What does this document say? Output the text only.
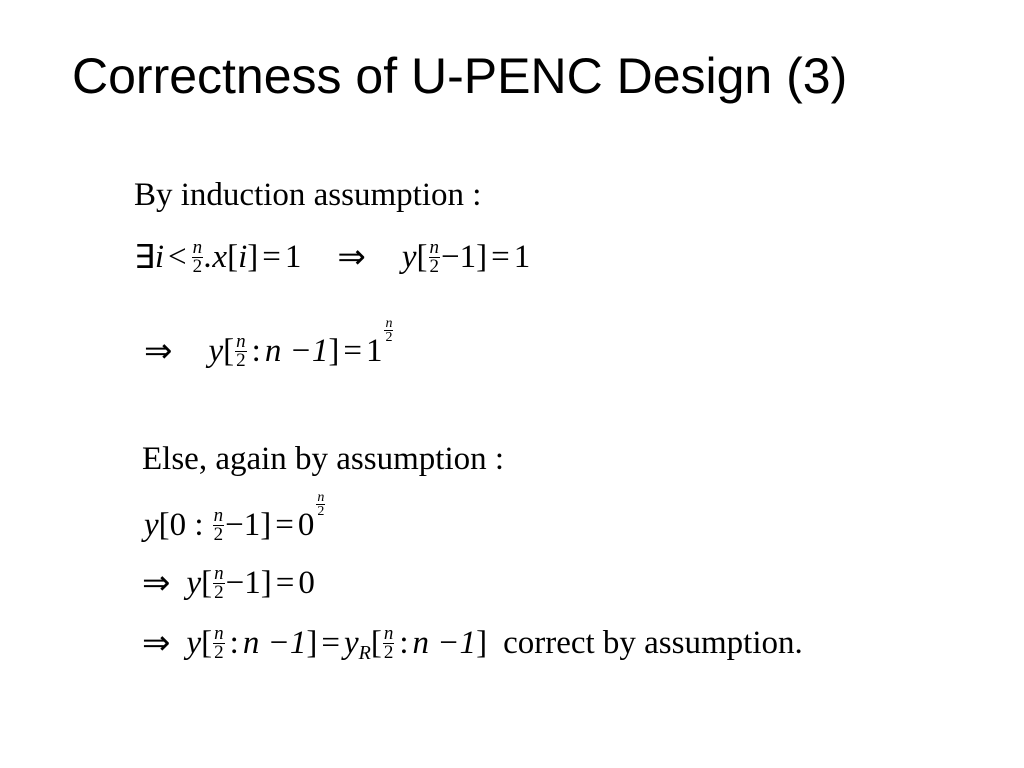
Correctness of U-PENC Design (3)
By induction assumption :
∃ $i < \frac{n}{2} .x$ [ i ] = 1 ⇒ y [ $\frac{n}{2} -1$ ] = 1
⇒ y [ $\frac{n}{2}$ : n −1 ] = 1
$\frac{n}{2}$
Else, again by assumption :
y [ 0 : $\frac{n}{2} -1$ ] = 0
$\frac{n}{2}$
⇒ y [ $\frac{n}{2} -1$ ] = 0
⇒ y [ $\frac{n}{2}$ : n −1 ] = y R [ $\frac{n}{2}$ : n −1 ] correct by assumption.
